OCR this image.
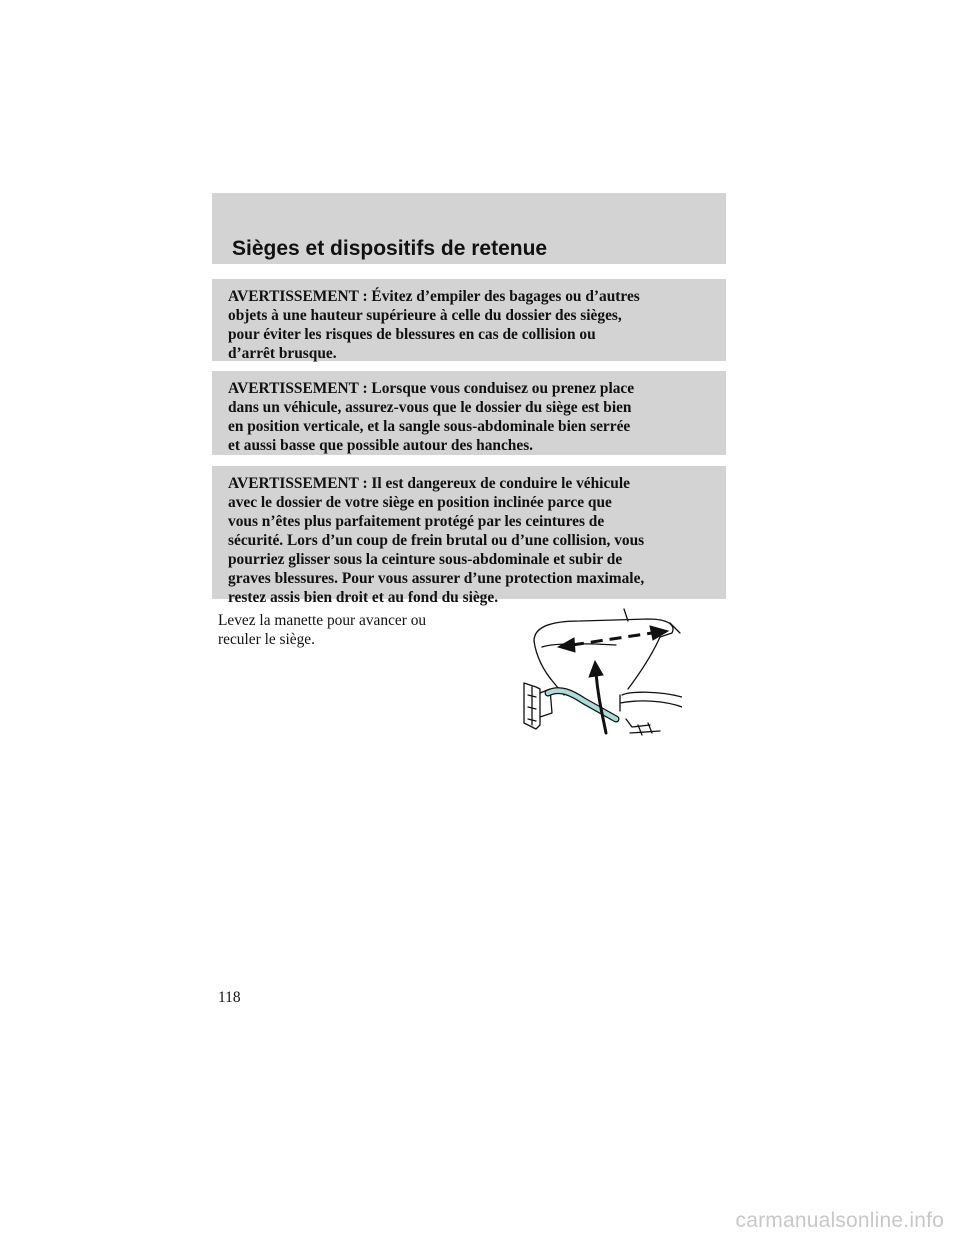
Sièges et dispositifs de retenue
AVERTISSEMENT : Évitez d’empiler des bagages ou d’autres
objets à une hauteur supérieure à celle du dossier des sièges,
pour éviter les risques de blessures en cas de collision ou
d’arrêt brusque.
AVERTISSEMENT : Lorsque vous conduisez ou prenez place
dans un véhicule, assurez-vous que le dossier du siège est bien
en position verticale, et la sangle sous-abdominale bien serrée
et aussi basse que possible autour des hanches.
AVERTISSEMENT : Il est dangereux de conduire le véhicule
avec le dossier de votre siège en position inclinée parce que
vous n’êtes plus parfaitement protégé par les ceintures de
sécurité. Lors d’un coup de frein brutal ou d’une collision, vous
pourriez glisser sous la ceinture sous-abdominale et subir de
graves blessures. Pour vous assurer d’une protection maximale,
restez assis bien droit et au fond du siège.
Levez la manette pour avancer ou
reculer le siège.
118
carmanualsonline.info
